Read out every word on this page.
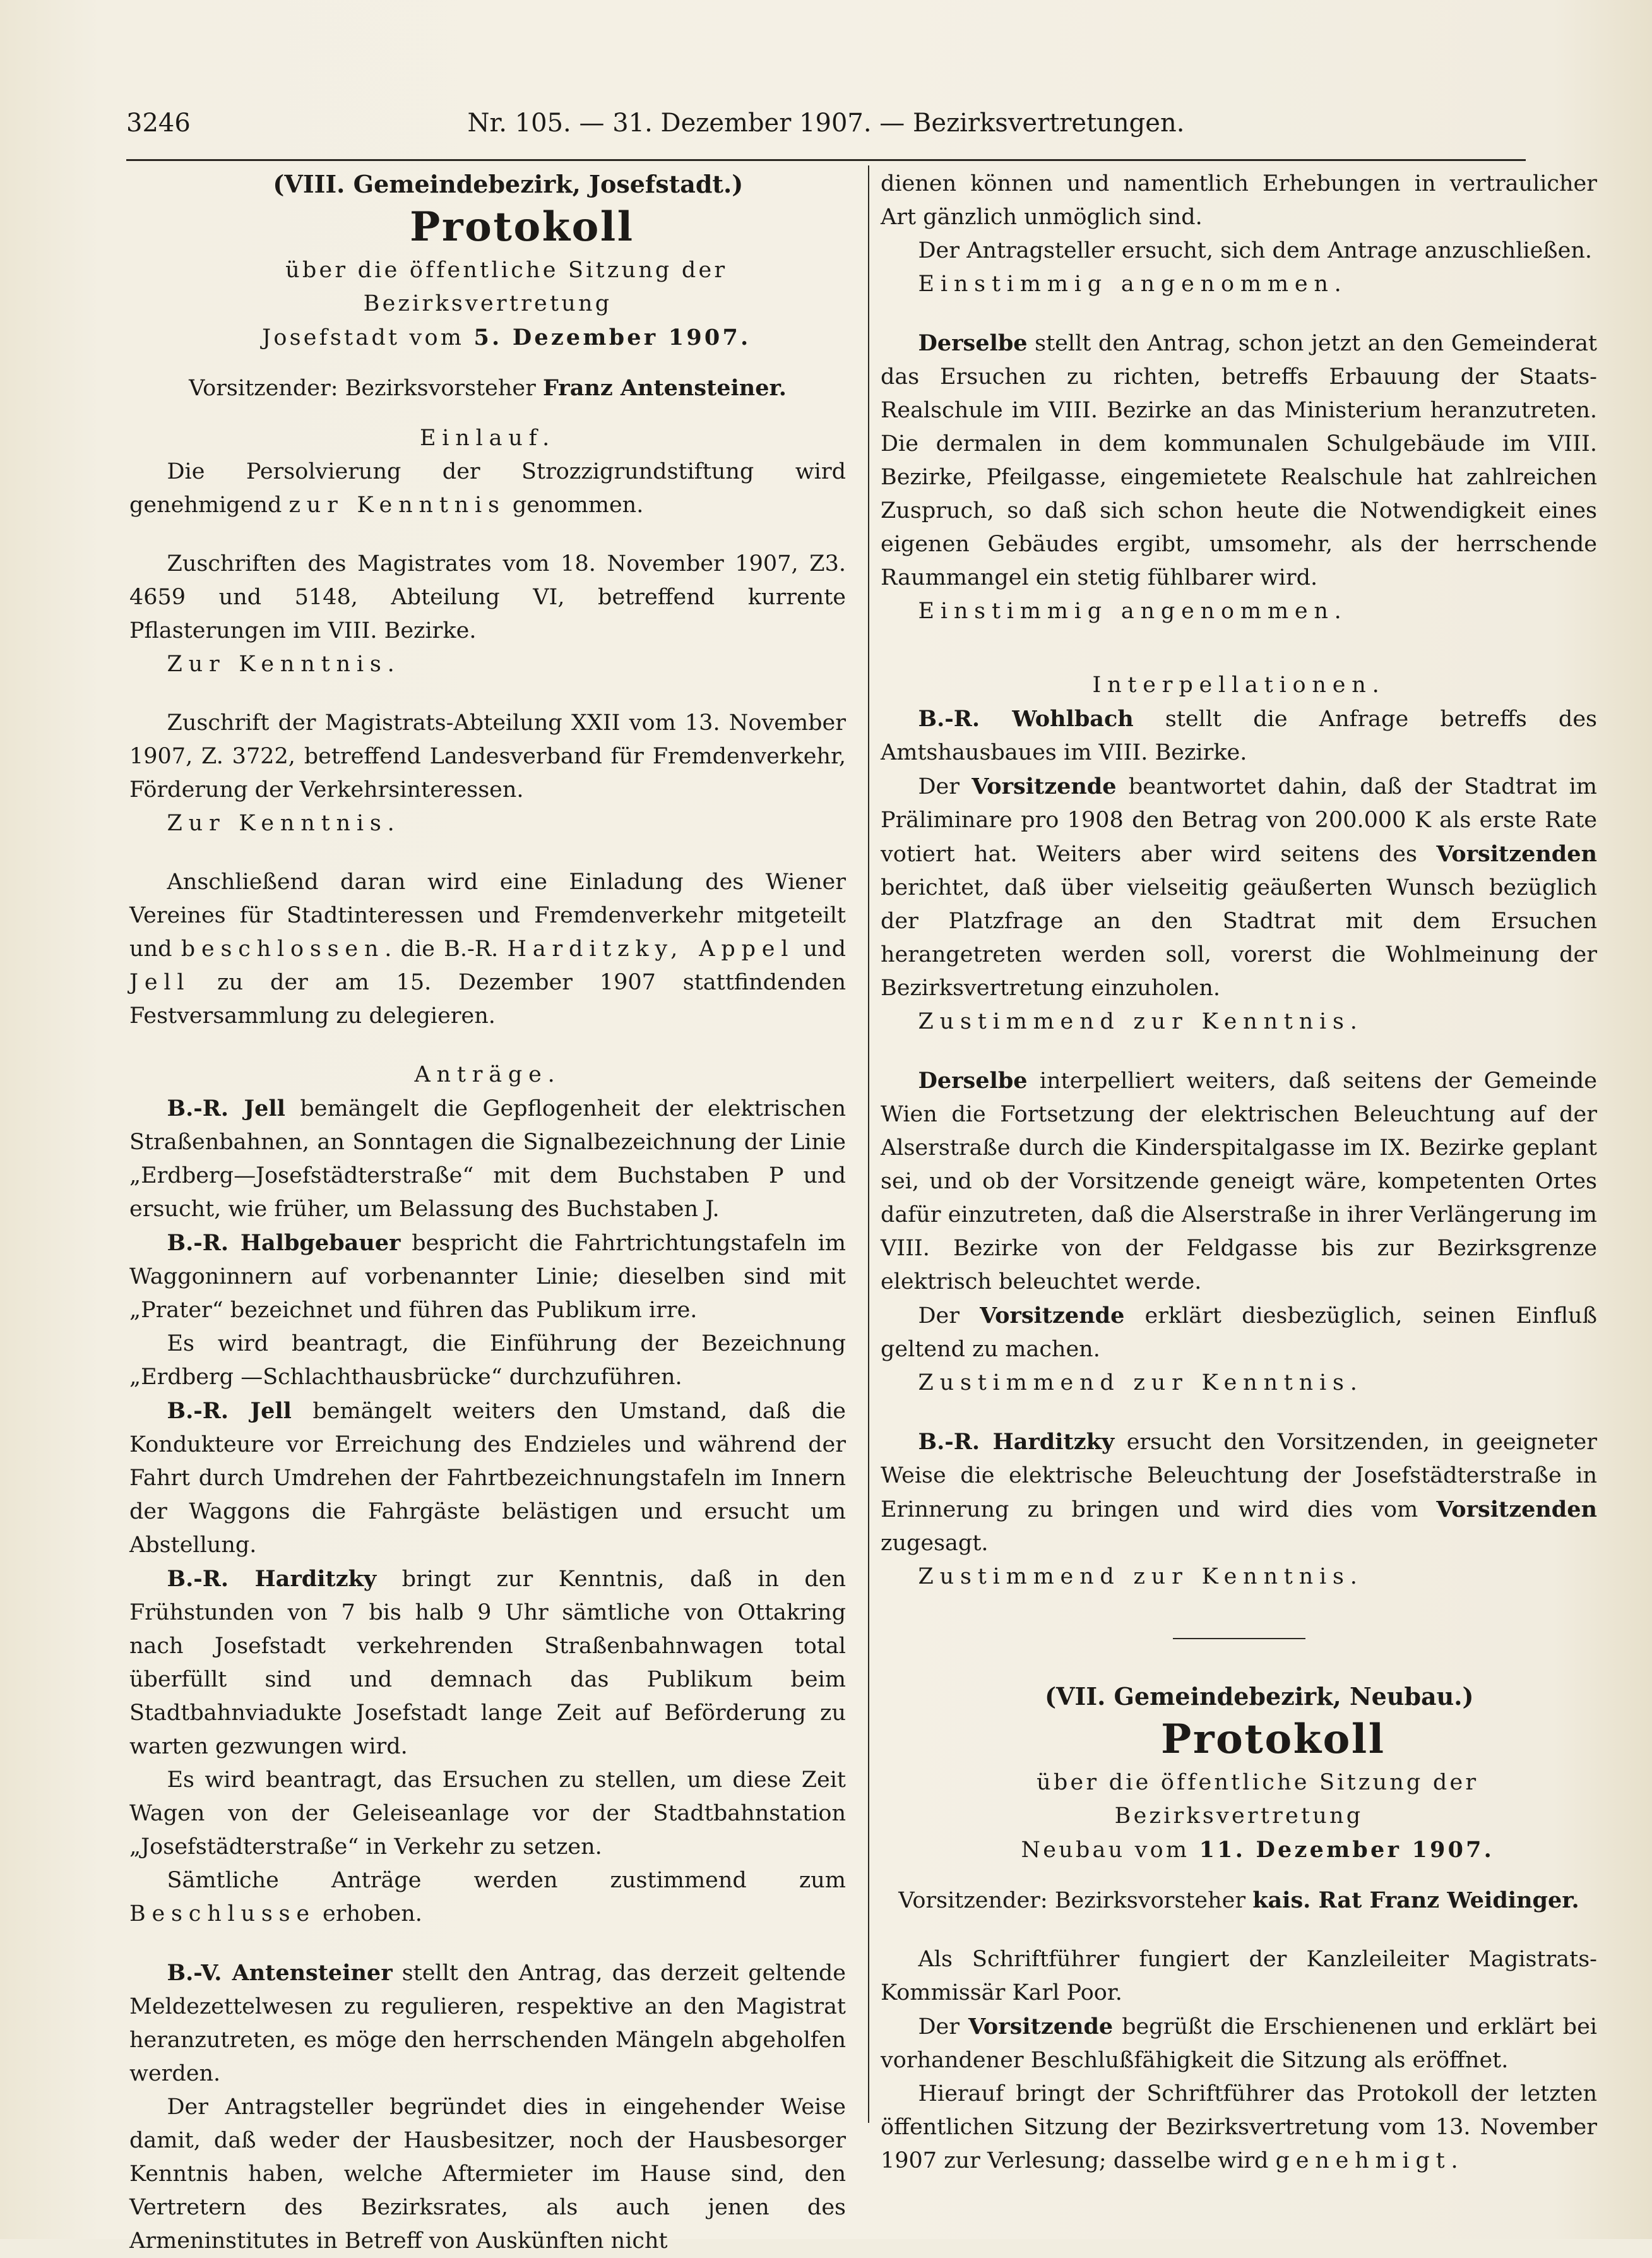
3246	Nr. 105. — 31. Dezember 1907. — Bezirksvertretungen.

(VIII. Gemeindebezirk, Josefstadt.)

Protokoll

über die öffentliche Sitzung der Bezirksvertretung

Josefstadt vom 5. Dezember 1907.

Vorsitzender: Bezirksvorsteher Franz Antensteiner.

Einlauf.

Die Persolvierung der Strozzigrundstiftung wird genehmigend zur Kenntnis genommen.

Zuschriften des Magistrates vom 18. November 1907, Z3. 4659 und 5148, Abteilung VI, betreffend kurrente Pflasterungen im VIII. Bezirke.

Zur Kenntnis.

Zuschrift der Magistrats-Abteilung XXII vom 13. November 1907, Z. 3722, betreffend Landesverband für Fremdenverkehr, Förderung der Verkehrsinteressen.

Zur Kenntnis.

Anschließend daran wird eine Einladung des Wiener Vereines für Stadtinteressen und Fremdenverkehr mitgeteilt und beschlossen. die B.-R. Harditzky, Appel und Jell zu der am 15. Dezember 1907 stattfindenden Festversammlung zu delegieren.

Anträge.

B.-R. Jell bemängelt die Gepflogenheit der elektrischen Straßenbahnen, an Sonntagen die Signalbezeichnung der Linie „Erdberg—Josefstädterstraße“ mit dem Buchstaben P und ersucht, wie früher, um Belassung des Buchstaben J.

B.-R. Halbgebauer bespricht die Fahrtrichtungstafeln im Waggoninnern auf vorbenannter Linie; dieselben sind mit „Prater“ bezeichnet und führen das Publikum irre.

Es wird beantragt, die Einführung der Bezeichnung „Erdberg —Schlachthausbrücke“ durchzuführen.

B.-R. Jell bemängelt weiters den Umstand, daß die Kondukteure vor Erreichung des Endzieles und während der Fahrt durch Umdrehen der Fahrtbezeichnungstafeln im Innern der Waggons die Fahrgäste belästigen und ersucht um Abstellung.

B.-R. Harditzky bringt zur Kenntnis, daß in den Frühstunden von 7 bis halb 9 Uhr sämtliche von Ottakring nach Josefstadt verkehrenden Straßenbahnwagen total überfüllt sind und demnach das Publikum beim Stadtbahnviadukte Josefstadt lange Zeit auf Beförderung zu warten gezwungen wird.

Es wird beantragt, das Ersuchen zu stellen, um diese Zeit Wagen von der Geleiseanlage vor der Stadtbahnstation „Josefstädterstraße“ in Verkehr zu setzen.

Sämtliche Anträge werden zustimmend zum Beschlusse erhoben.

B.-V. Antensteiner stellt den Antrag, das derzeit geltende Meldezettelwesen zu regulieren, respektive an den Magistrat heranzutreten, es möge den herrschenden Mängeln abgeholfen werden.

Der Antragsteller begründet dies in eingehender Weise damit, daß weder der Hausbesitzer, noch der Hausbesorger Kenntnis haben, welche Aftermieter im Hause sind, den Vertretern des Bezirksrates, als auch jenen des Armeninstitutes in Betreff von Auskünften nicht

dienen können und namentlich Erhebungen in vertraulicher Art gänzlich unmöglich sind.

Der Antragsteller ersucht, sich dem Antrage anzuschließen.

Einstimmig angenommen.

Derselbe stellt den Antrag, schon jetzt an den Gemeinderat das Ersuchen zu richten, betreffs Erbauung der Staats-Realschule im VIII. Bezirke an das Ministerium heranzutreten. Die dermalen in dem kommunalen Schulgebäude im VIII. Bezirke, Pfeilgasse, eingemietete Realschule hat zahlreichen Zuspruch, so daß sich schon heute die Notwendigkeit eines eigenen Gebäudes ergibt, umsomehr, als der herrschende Raummangel ein stetig fühlbarer wird.

Einstimmig angenommen.

Interpellationen.

B.-R. Wohlbach stellt die Anfrage betreffs des Amtshausbaues im VIII. Bezirke.

Der Vorsitzende beantwortet dahin, daß der Stadtrat im Präliminare pro 1908 den Betrag von 200.000 K als erste Rate votiert hat. Weiters aber wird seitens des Vorsitzenden berichtet, daß über vielseitig geäußerten Wunsch bezüglich der Platzfrage an den Stadtrat mit dem Ersuchen herangetreten werden soll, vorerst die Wohlmeinung der Bezirksvertretung einzuholen.

Zustimmend zur Kenntnis.

Derselbe interpelliert weiters, daß seitens der Gemeinde Wien die Fortsetzung der elektrischen Beleuchtung auf der Alserstraße durch die Kinderspitalgasse im IX. Bezirke geplant sei, und ob der Vorsitzende geneigt wäre, kompetenten Ortes dafür einzutreten, daß die Alserstraße in ihrer Verlängerung im VIII. Bezirke von der Feldgasse bis zur Bezirksgrenze elektrisch beleuchtet werde.

Der Vorsitzende erklärt diesbezüglich, seinen Einfluß geltend zu machen.

Zustimmend zur Kenntnis.

B.-R. Harditzky ersucht den Vorsitzenden, in geeigneter Weise die elektrische Beleuchtung der Josefstädterstraße in Erinnerung zu bringen und wird dies vom Vorsitzenden zugesagt.

Zustimmend zur Kenntnis.

(VII. Gemeindebezirk, Neubau.)

Protokoll

über die öffentliche Sitzung der Bezirksvertretung

Neubau vom 11. Dezember 1907.

Vorsitzender: Bezirksvorsteher kais. Rat Franz Weidinger.

Als Schriftführer fungiert der Kanzleileiter Magistrats-Kommissär Karl Poor.

Der Vorsitzende begrüßt die Erschienenen und erklärt bei vorhandener Beschlußfähigkeit die Sitzung als eröffnet.

Hierauf bringt der Schriftführer das Protokoll der letzten öffentlichen Sitzung der Bezirksvertretung vom 13. November 1907 zur Verlesung; dasselbe wird genehmigt.
